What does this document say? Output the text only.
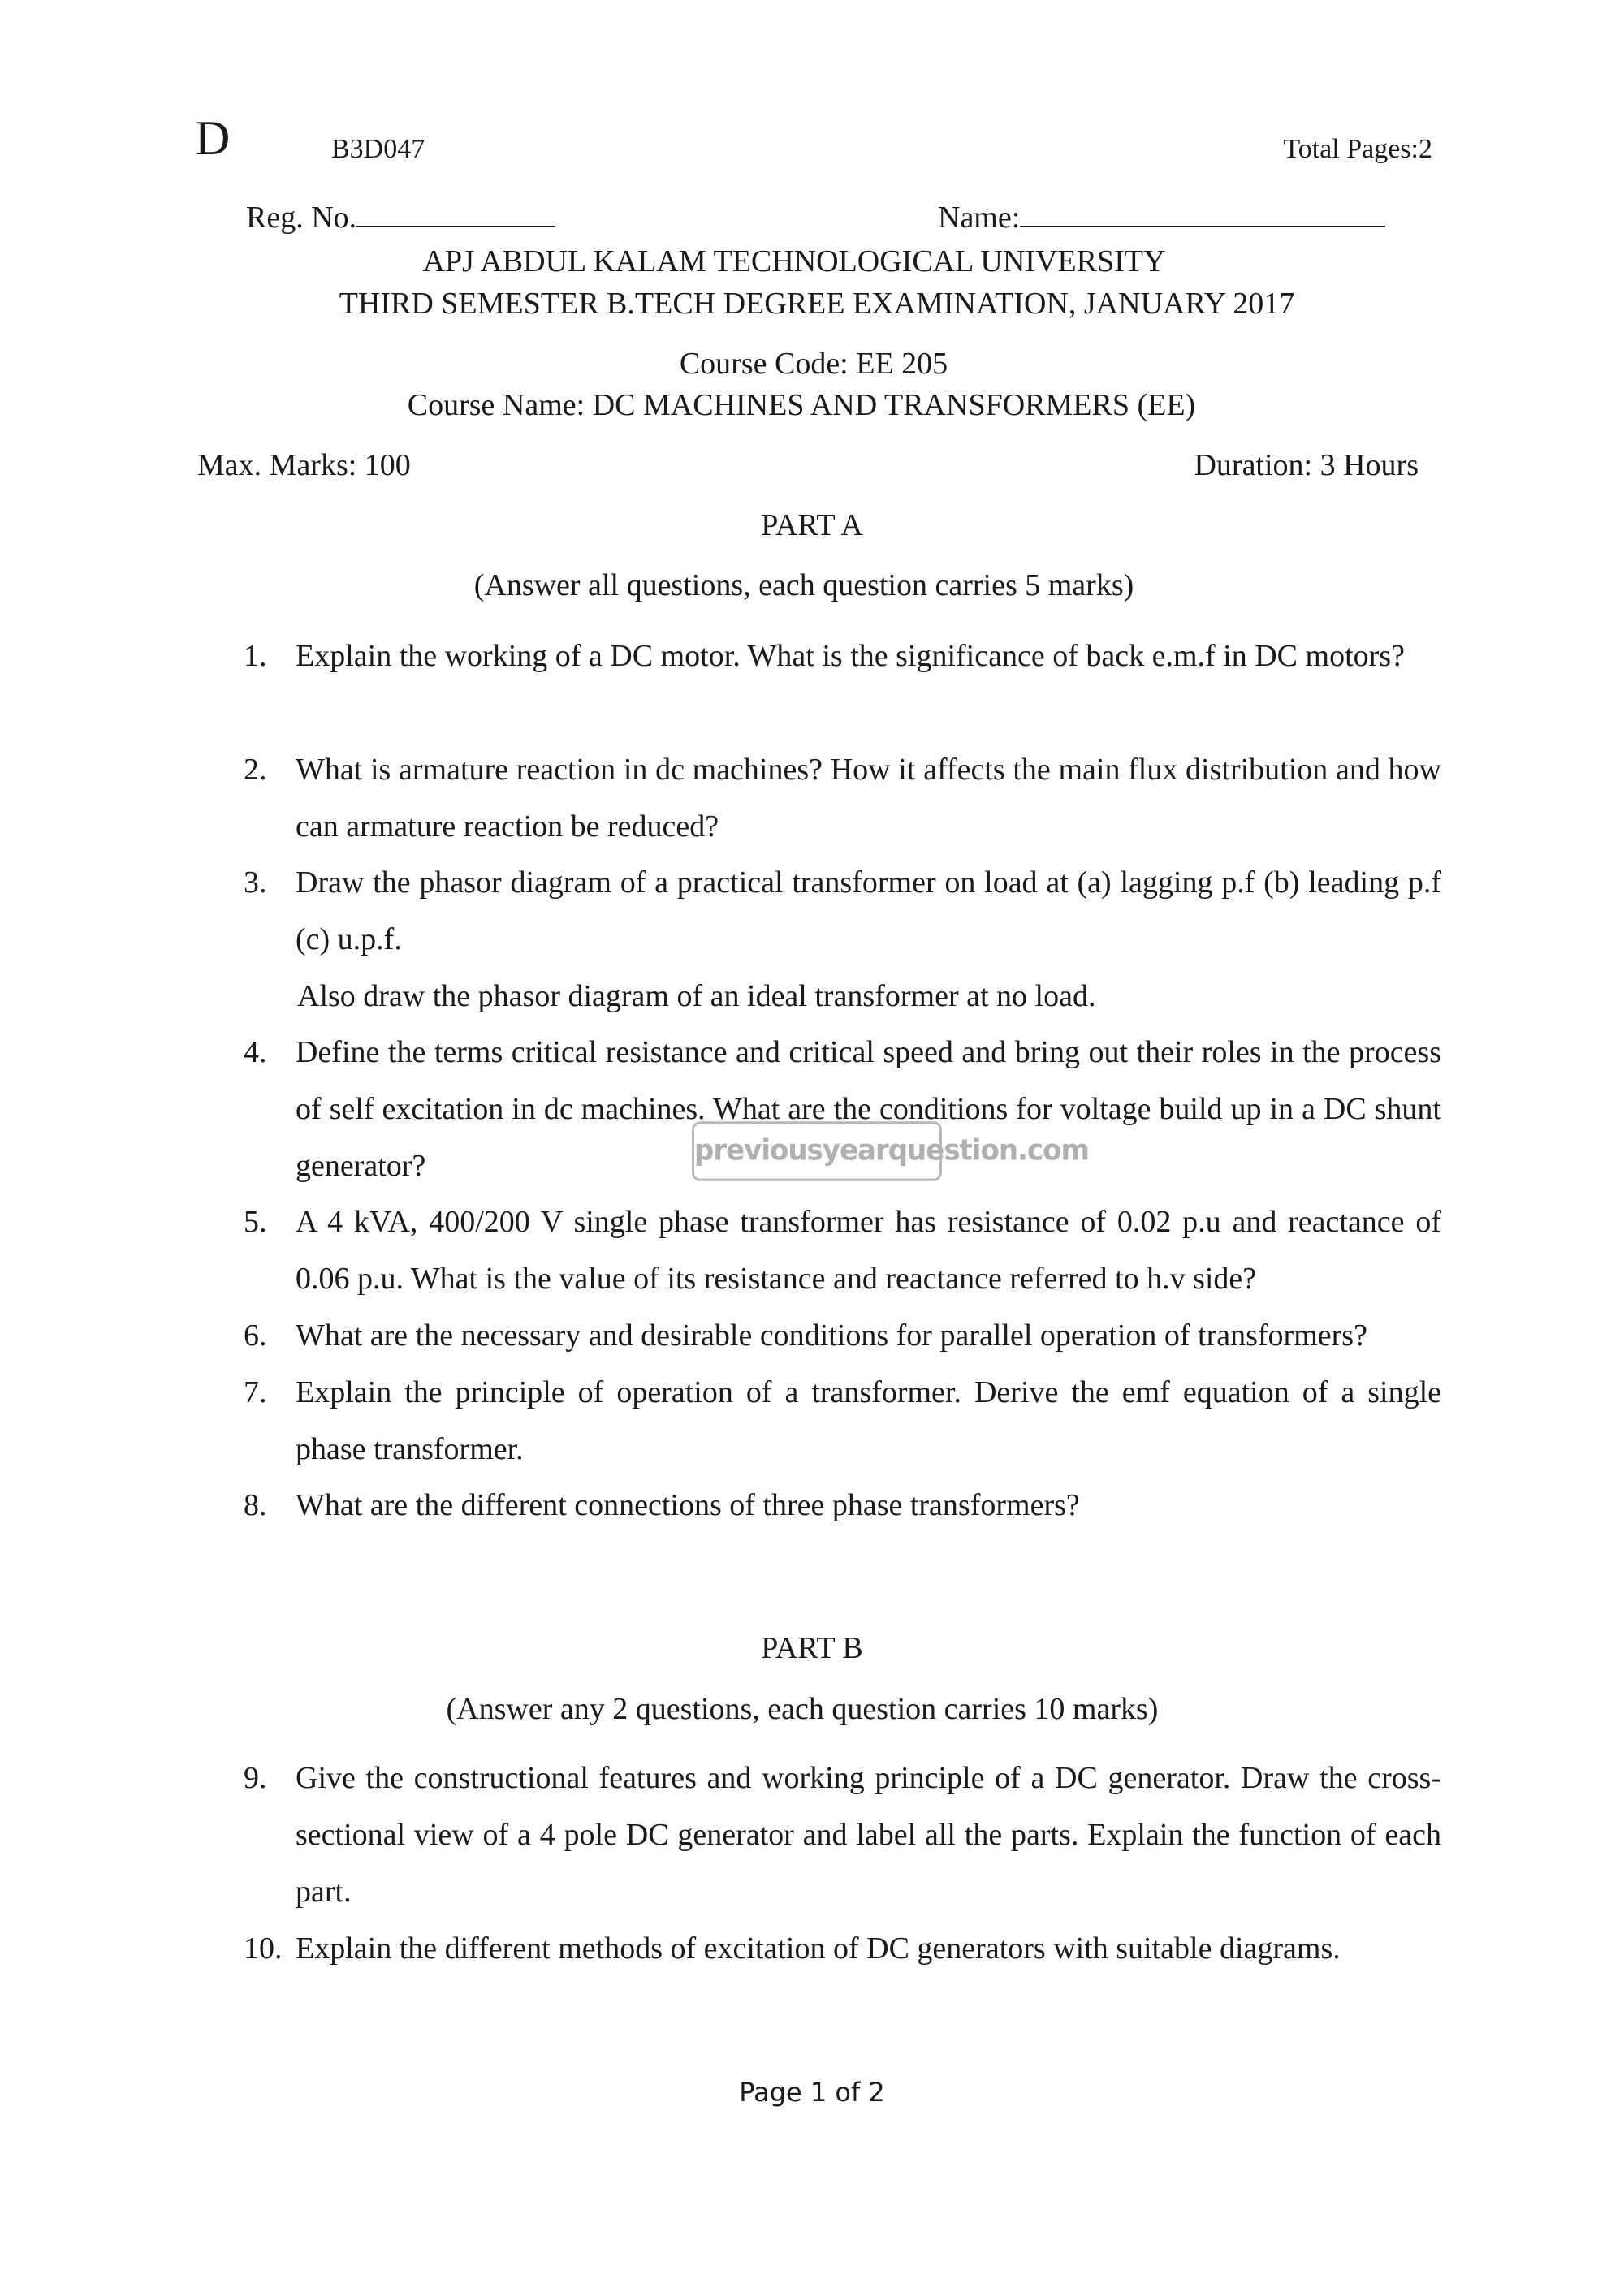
D	B3D047	Total Pages:2
Reg. No.	Name:
APJ ABDUL KALAM TECHNOLOGICAL UNIVERSITY
THIRD SEMESTER B.TECH DEGREE EXAMINATION, JANUARY 2017
Course Code: EE 205
Course Name: DC MACHINES AND TRANSFORMERS (EE)
Max. Marks: 100	Duration: 3 Hours
PART A
(Answer all questions, each question carries 5 marks)
1. Explain the working of a DC motor. What is the significance of back e.m.f in DC motors?
2. What is armature reaction in dc machines? How it affects the main flux distribution and how can armature reaction be reduced?
3. Draw the phasor diagram of a practical transformer on load at (a) lagging p.f (b) leading p.f (c) u.p.f.
Also draw the phasor diagram of an ideal transformer at no load.
4. Define the terms critical resistance and critical speed and bring out their roles in the process of self excitation in dc machines. What are the conditions for voltage build up in a DC shunt generator?
5. A 4 kVA, 400/200 V single phase transformer has resistance of 0.02 p.u and reactance of 0.06 p.u. What is the value of its resistance and reactance referred to h.v side?
6. What are the necessary and desirable conditions for parallel operation of transformers?
7. Explain the principle of operation of a transformer. Derive the emf equation of a single phase transformer.
8. What are the different connections of three phase transformers?
PART B
(Answer any 2 questions, each question carries 10 marks)
9. Give the constructional features and working principle of a DC generator. Draw the cross-sectional view of a 4 pole DC generator and label all the parts. Explain the function of each part.
10. Explain the different methods of excitation of DC generators with suitable diagrams.
previousyearquestion.com
Page 1 of 2
